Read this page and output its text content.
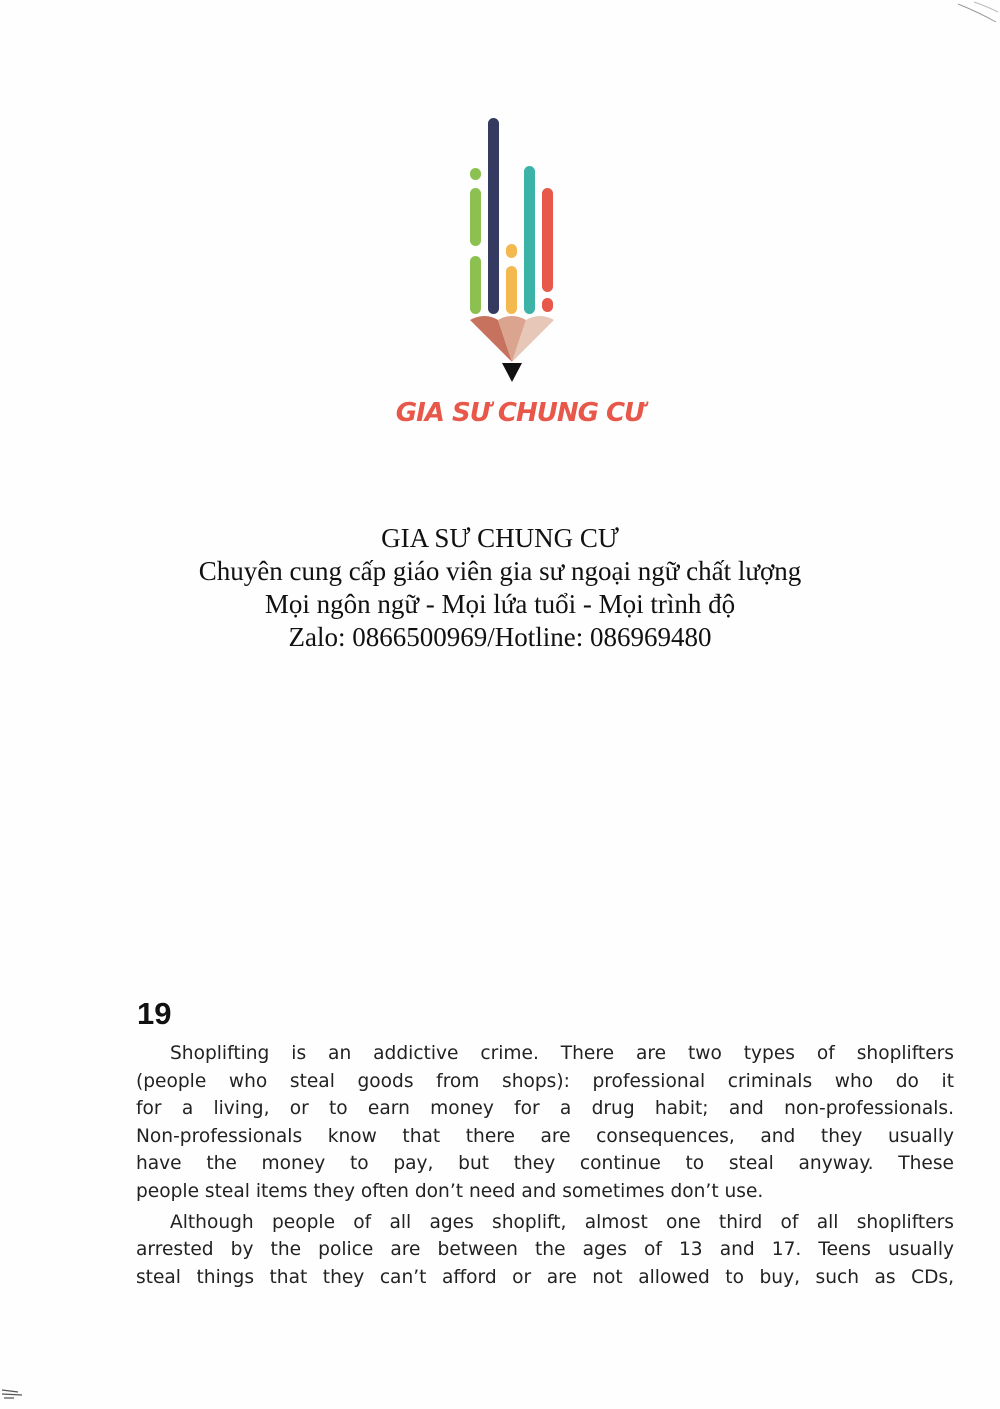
GIA SƯ CHUNG CƯ
GIA SƯ CHUNG CƯ
Chuyên cung cấp giáo viên gia sư ngoại ngữ chất lượng
Mọi ngôn ngữ - Mọi lứa tuổi - Mọi trình độ
Zalo: 0866500969/Hotline: 086969480
19
Shoplifting is an addictive crime. There are two types of shoplifters
(people who steal goods from shops): professional criminals who do it
for a living, or to earn money for a drug habit; and non-professionals.
Non-professionals know that there are consequences, and they usually
have the money to pay, but they continue to steal anyway. These
people steal items they often don’t need and sometimes don’t use.
Although people of all ages shoplift, almost one third of all shoplifters
arrested by the police are between the ages of 13 and 17. Teens usually
steal things that they can’t afford or are not allowed to buy, such as CDs,
